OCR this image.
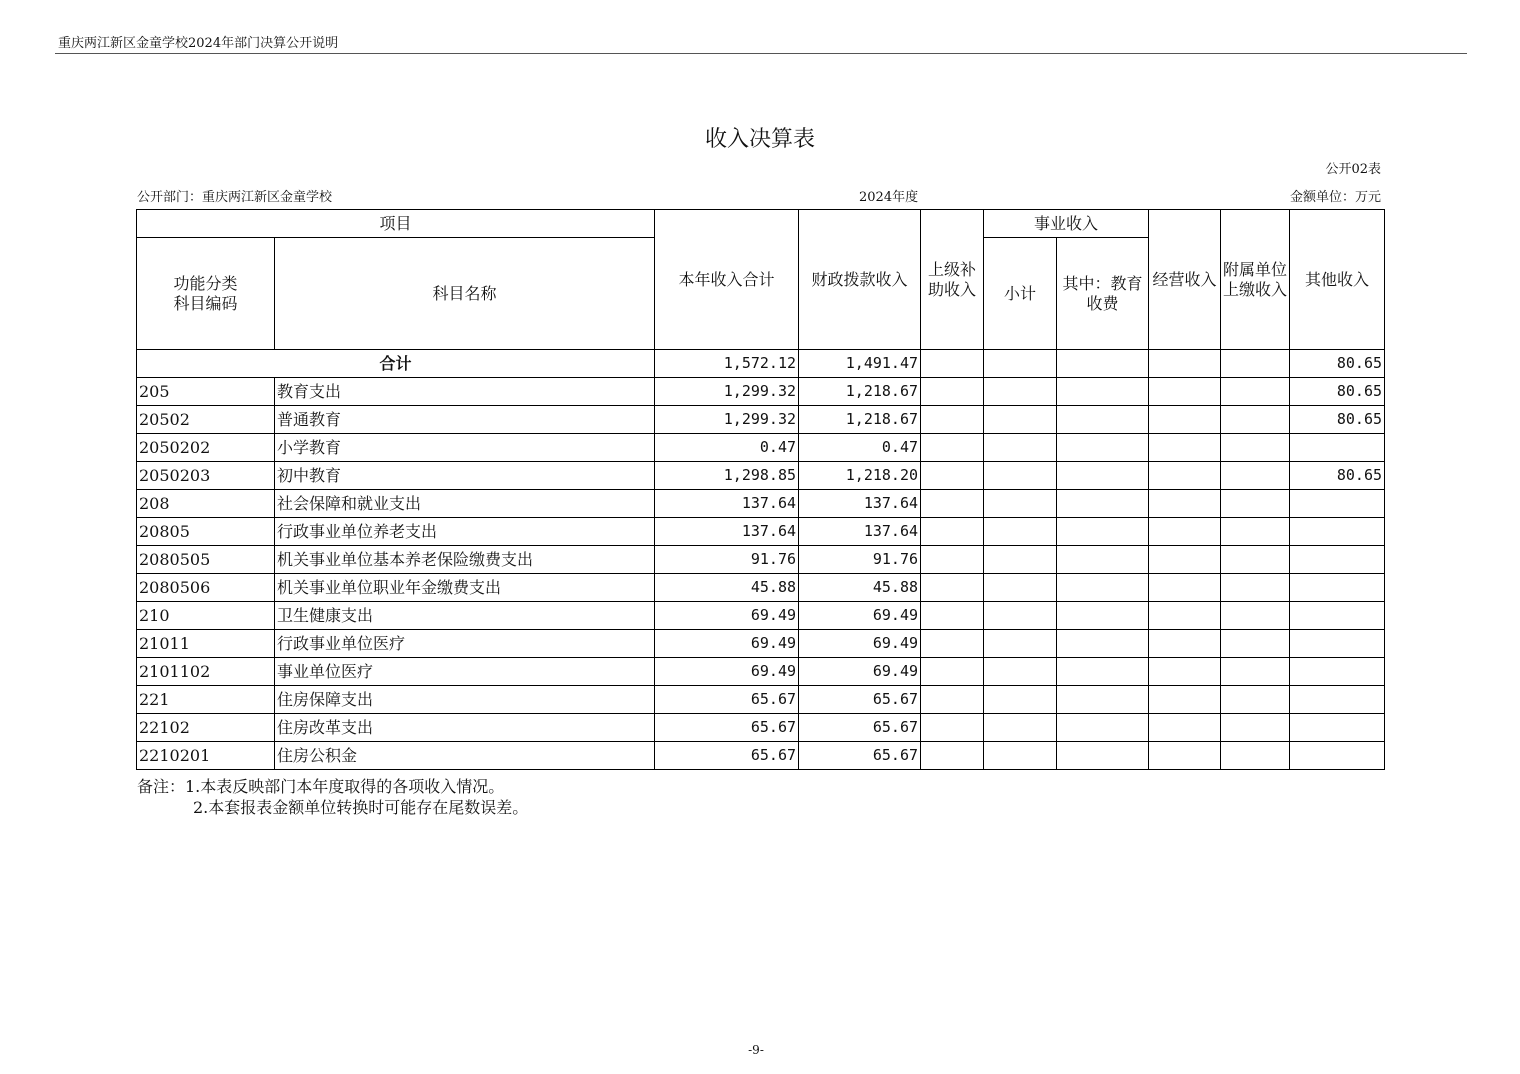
重庆两江新区金童学校2024年部门决算公开说明
收入决算表
公开02表
公开部门：重庆两江新区金童学校	2024年度	金额单位：万元
项目		本年收入合计	财政拨款收入	上级补助收入	事业收入		经营收入	附属单位上缴收入	其他收入
功能分类
科目编码	科目名称				小计	其中：教育收费			
合计		1,572.12	1,491.47						80.65
205	教育支出	1,299.32	1,218.67						80.65
20502	普通教育	1,299.32	1,218.67						80.65
2050202	小学教育	0.47	0.47						
2050203	初中教育	1,298.85	1,218.20						80.65
208	社会保障和就业支出	137.64	137.64						
20805	行政事业单位养老支出	137.64	137.64						
2080505	机关事业单位基本养老保险缴费支出	91.76	91.76						
2080506	机关事业单位职业年金缴费支出	45.88	45.88						
210	卫生健康支出	69.49	69.49						
21011	行政事业单位医疗	69.49	69.49						
2101102	事业单位医疗	69.49	69.49						
221	住房保障支出	65.67	65.67						
22102	住房改革支出	65.67	65.67						
2210201	住房公积金	65.67	65.67						
备注：1.本表反映部门本年度取得的各项收入情况。
2.本套报表金额单位转换时可能存在尾数误差。
-9-
